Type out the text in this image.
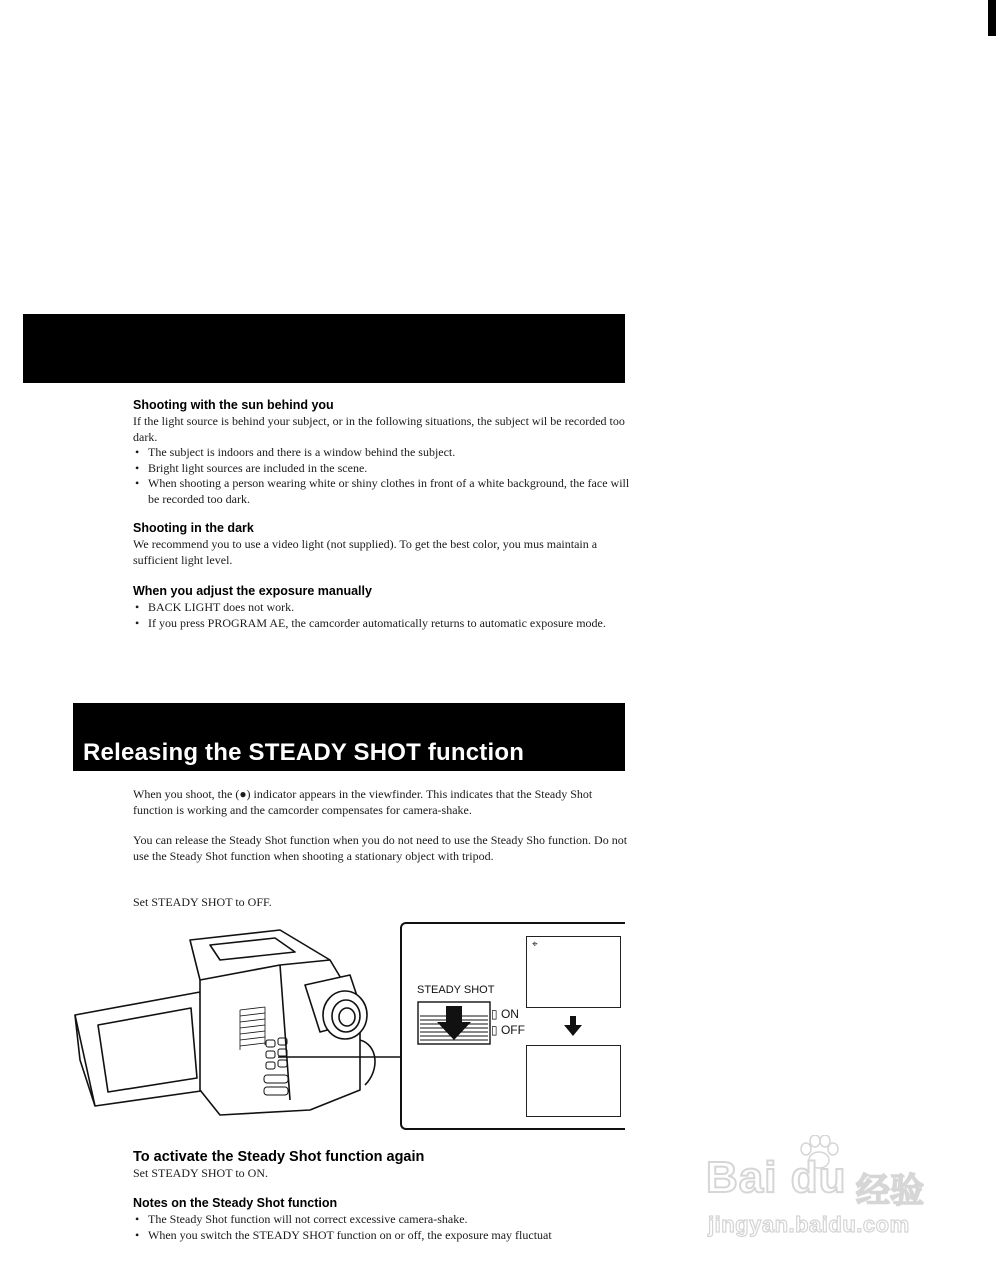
Shooting with the sun behind you

If the light source is behind your subject, or in the following situations, the subject wil be recorded too dark.

• The subject is indoors and there is a window behind the subject.
• Bright light sources are included in the scene.
• When shooting a person wearing white or shiny clothes in front of a white background, the face will be recorded too dark.
Shooting in the dark

We recommend you to use a video light (not supplied). To get the best color, you mus maintain a sufficient light level.

When you adjust the exposure manually
• BACK LIGHT does not work.
• If you press PROGRAM AE, the camcorder automatically returns to automatic exposure mode.
Releasing the STEADY SHOT function

When you shoot, the (●) indicator appears in the viewfinder. This indicates that the Steady Shot function is working and the camcorder compensates for camera-shake.

You can release the Steady Shot function when you do not need to use the Steady Sho function. Do not use the Steady Shot function when shooting a stationary object with tripod.

Set STEADY SHOT to OFF.

⌖
STEADY SHOT
▯ ON
▯ OFF
To activate the Steady Shot function again

Set STEADY SHOT to ON.

Notes on the Steady Shot function
• The Steady Shot function will not correct excessive camera-shake.
• When you switch the STEADY SHOT function on or off, the exposure may fluctuat
Bai du 经验
jingyan.baidu.com
